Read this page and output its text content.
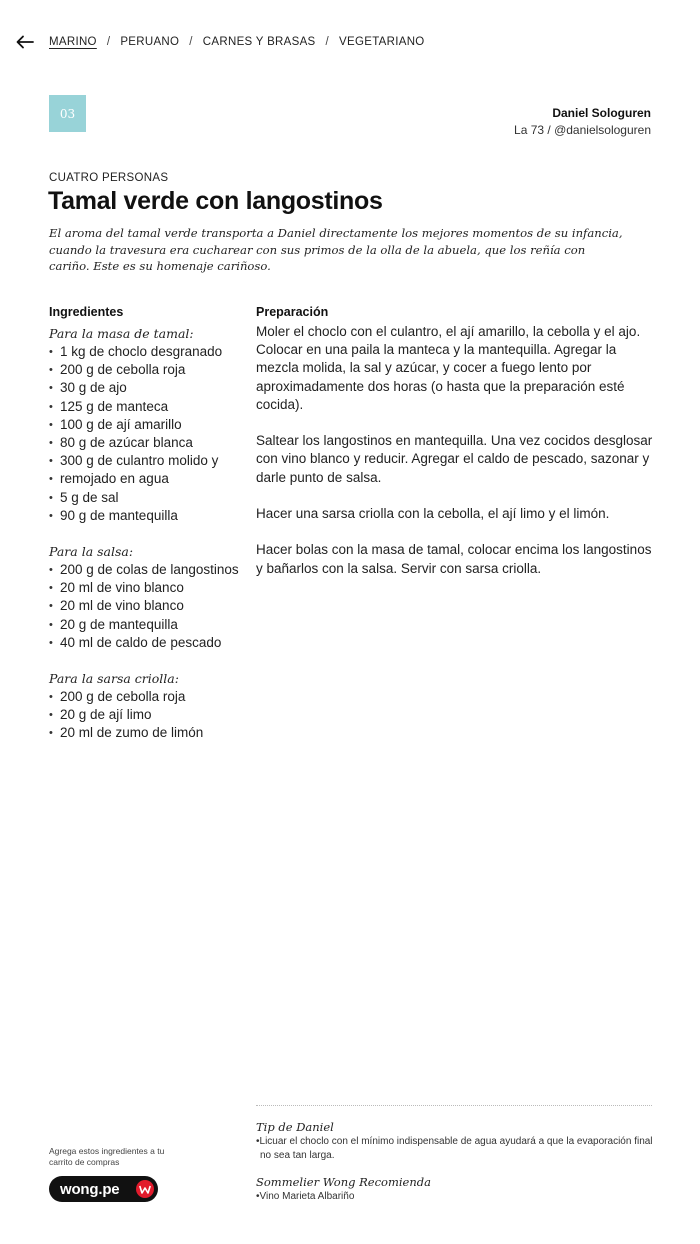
MARINO / PERUANO / CARNES Y BRASAS / VEGETARIANO
03	Daniel Sologuren
La 73 / @danielsologuren
CUATRO PERSONAS
Tamal verde con langostinos

El aroma del tamal verde transporta a Daniel directamente los mejores momentos de su infancia, cuando la travesura era cucharear con sus primos de la olla de la abuela, que los reñía con cariño. Este es su homenaje cariñoso.

Ingredientes
Para la masa de tamal:
• 1 kg de choclo desgranado
• 200 g de cebolla roja
• 30 g de ajo
• 125 g de manteca
• 100 g de ají amarillo
• 80 g de azúcar blanca
• 300 g de culantro molido y
• remojado en agua
• 5 g de sal
• 90 g de mantequilla
Para la salsa:
• 200 g de colas de langostinos
• 20 ml de vino blanco
• 20 ml de vino blanco
• 20 g de mantequilla
• 40 ml de caldo de pescado
Para la sarsa criolla:
• 200 g de cebolla roja
• 20 g de ají limo
• 20 ml de zumo de limón
Preparación

Moler el choclo con el culantro, el ají amarillo, la cebolla y el ajo. Colocar en una paila la manteca y la mantequilla. Agregar la mezcla molida, la sal y azúcar, y cocer a fuego lento por aproximadamente dos horas (o hasta que la preparación esté cocida).

Saltear los langostinos en mantequilla. Una vez cocidos desglosar con vino blanco y reducir. Agregar el caldo de pescado, sazonar y darle punto de salsa.

Hacer una sarsa criolla con la cebolla, el ají limo y el limón.

Hacer bolas con la masa de tamal, colocar encima los langostinos y bañarlos con la salsa. Servir con sarsa criolla.

Tip de Daniel
•Licuar el choclo con el mínimo indispensable de agua ayudará a que la evaporación final no sea tan larga.
Sommelier Wong Recomienda
•Vino Marieta Albariño
Agrega estos ingredientes a tu carrito de compras
wong.pe
